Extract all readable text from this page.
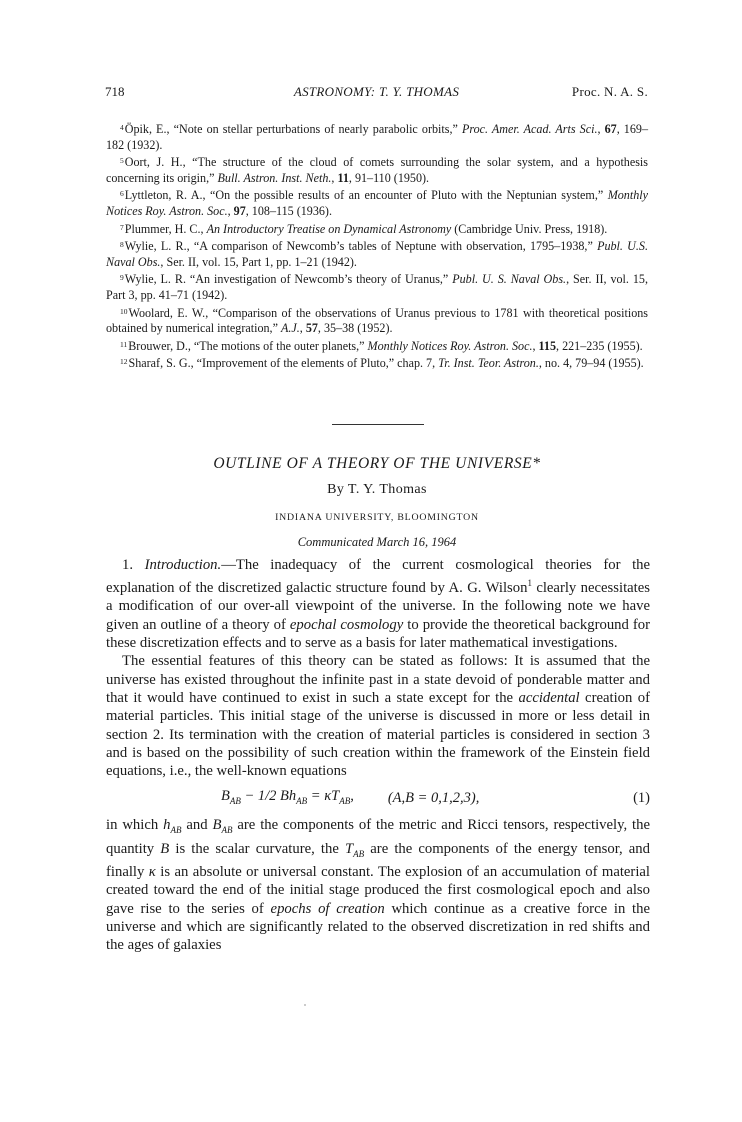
718	ASTRONOMY: T. Y. THOMAS	Proc. N. A. S.

$^4$Öpik, E., “Note on stellar perturbations of nearly parabolic orbits,” Proc. Amer. Acad. Arts Sci., 67, 169–182 (1932).

$^5$Oort, J. H., “The structure of the cloud of comets surrounding the solar system, and a hypothesis concerning its origin,” Bull. Astron. Inst. Neth., 11, 91–110 (1950).

$^6$Lyttleton, R. A., “On the possible results of an encounter of Pluto with the Neptunian system,” Monthly Notices Roy. Astron. Soc., 97, 108–115 (1936).

$^7$Plummer, H. C., An Introductory Treatise on Dynamical Astronomy (Cambridge Univ. Press, 1918).

$^8$Wylie, L. R., “A comparison of Newcomb’s tables of Neptune with observation, 1795–1938,” Publ. U.S. Naval Obs., Ser. II, vol. 15, Part 1, pp. 1–21 (1942).

$^9$Wylie, L. R. “An investigation of Newcomb’s theory of Uranus,” Publ. U. S. Naval Obs., Ser. II, vol. 15, Part 3, pp. 41–71 (1942).

$^{10}$Woolard, E. W., “Comparison of the observations of Uranus previous to 1781 with theoretical positions obtained by numerical integration,” A.J., 57, 35–38 (1952).

$^{11}$Brouwer, D., “The motions of the outer planets,” Monthly Notices Roy. Astron. Soc., 115, 221–235 (1955).

$^{12}$Sharaf, S. G., “Improvement of the elements of Pluto,” chap. 7, Tr. Inst. Teor. Astron., no. 4, 79–94 (1955).

OUTLINE OF A THEORY OF THE UNIVERSE*
By T. Y. Thomas
INDIANA UNIVERSITY, BLOOMINGTON
Communicated March 16, 1964

1. Introduction.—The inadequacy of the current cosmological theories for the explanation of the discretized galactic structure found by A. G. Wilson$^1$ clearly necessitates a modification of our over-all viewpoint of the universe. In the following note we have given an outline of a theory of epochal cosmology to provide the theoretical background for these discretization effects and to serve as a basis for later mathematical investigations.

The essential features of this theory can be stated as follows: It is assumed that the universe has existed throughout the infinite past in a state devoid of ponderable matter and that it would have continued to exist in such a state except for the accidental creation of material particles. This initial stage of the universe is discussed in more or less detail in section 2. Its termination with the creation of material particles is considered in section 3 and is based on the possibility of such creation within the framework of the Einstein field equations, i.e., the well-known equations

$B_{AB} - 1/2$ $Bh_{AB} = \kappa T_{AB}$, (A,B = 0,1,2,3),	(1)

in which $h_{AB}$ and $B_{AB}$ are the components of the metric and Ricci tensors, respectively, the quantity B is the scalar curvature, the $T_{AB}$ are the components of the energy tensor, and finally κ is an absolute or universal constant. The explosion of an accumulation of material created toward the end of the initial stage produced the first cosmological epoch and also gave rise to the series of epochs of creation which continue as a creative force in the universe and which are significantly related to the observed discretization in red shifts and the ages of galaxies
